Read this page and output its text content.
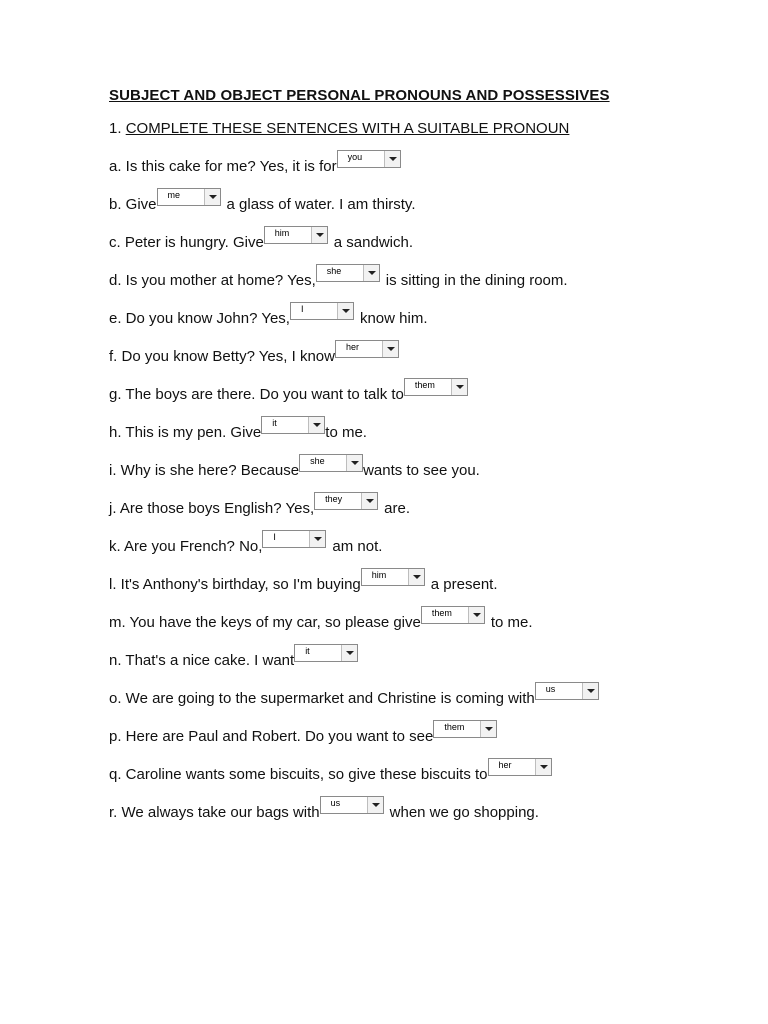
SUBJECT AND OBJECT PERSONAL PRONOUNS AND POSSESSIVES
1. COMPLETE THESE SENTENCES WITH A SUITABLE PRONOUN
a. Is this cake for me? Yes, it is for
you
b. Give
me
a glass of water. I am thirsty.
c. Peter is hungry. Give
him
a sandwich.
d. Is you mother at home? Yes,
she
is sitting in the dining room.
e. Do you know John? Yes,
I
know him.
f. Do you know Betty? Yes, I know
her
g. The boys are there. Do you want to talk to
them
h. This is my pen. Give
it
to me.
i. Why is she here? Because
she
wants to see you.
j. Are those boys English? Yes,
they
are.
k. Are you French? No,
I
am not.
l. It's Anthony's birthday, so I'm buying
him
a present.
m. You have the keys of my car, so please give
them
to me.
n. That's a nice cake. I want
it
o. We are going to the supermarket and Christine is coming with
us
p. Here are Paul and Robert. Do you want to see
them
q. Caroline wants some biscuits, so give these biscuits to
her
r. We always take our bags with
us
when we go shopping.
